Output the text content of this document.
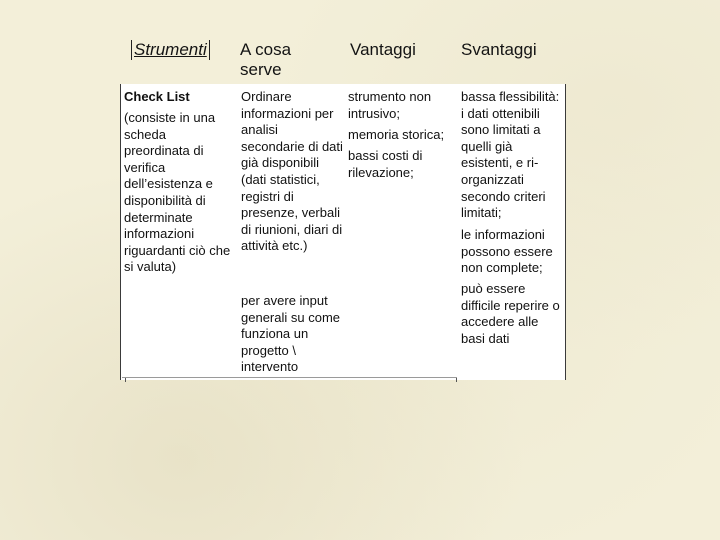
Strumenti A cosa serve
Vantaggi	Svantaggi
Check List
(consiste in una scheda preordinata di verifica dell’esistenza e disponibilità di determinate informazioni riguardanti ciò che si valuta)
Ordinare informazioni per analisi secondarie di dati già disponibili (dati statistici, registri di presenze, verbali di riunioni, diari di attività etc.)
per avere input generali su come funziona un progetto \ intervento
strumento non intrusivo;
memoria storica;
bassi costi di rilevazione;
bassa flessibilità: i dati ottenibili sono limitati a quelli già esistenti, e ri-organizzati secondo criteri limitati;
le informazioni possono essere non complete;
può essere difficile reperire o accedere alle basi dati
